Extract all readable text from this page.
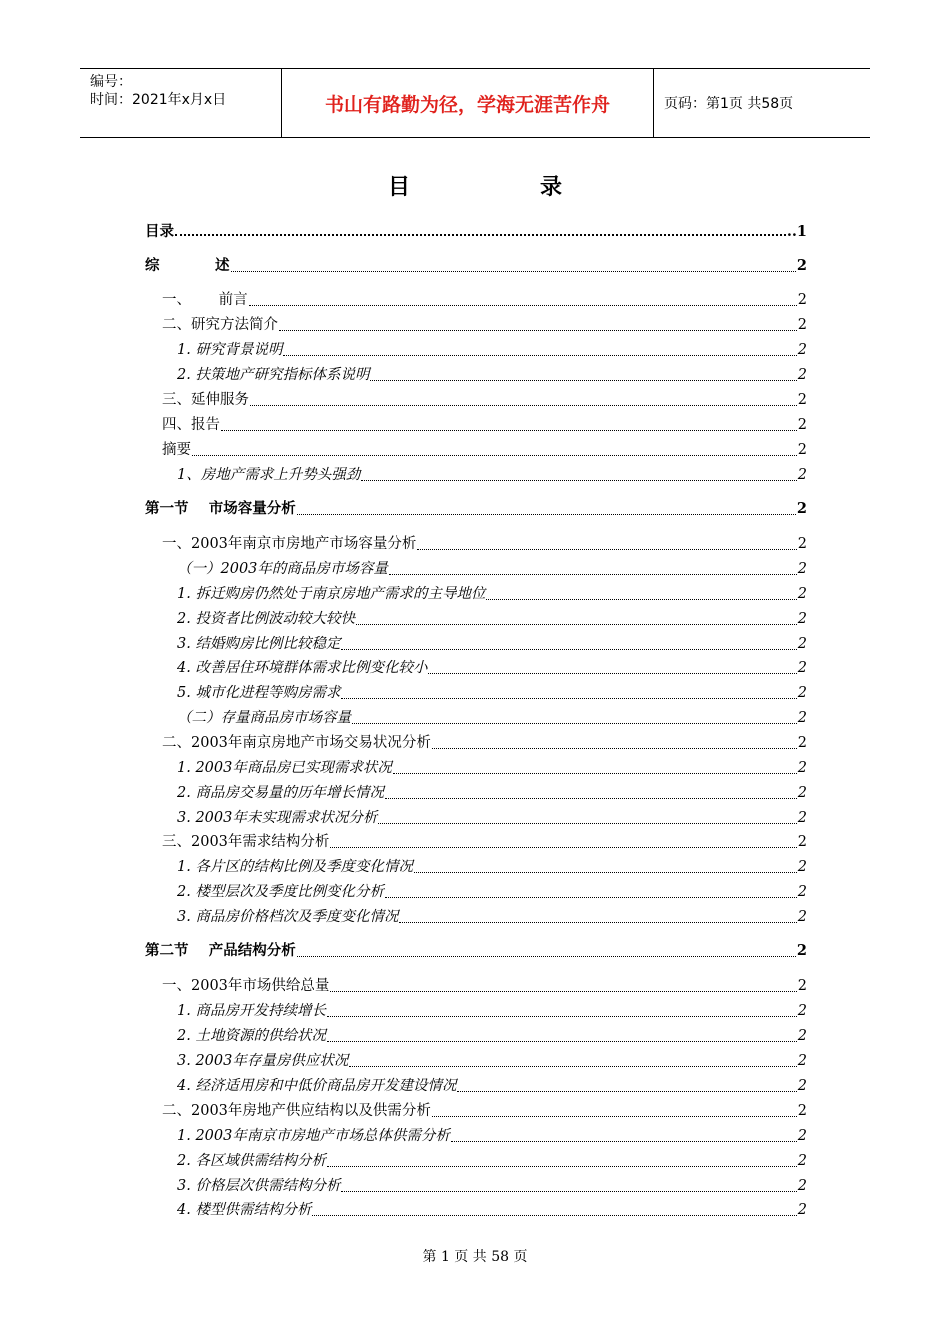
编号：
时间：2021年x月x日	书山有路勤为径，学海无涯苦作舟	页码：第1页 共58页
目	录
目录	..1
综           述	2
一、      前言	2
二、研究方法简介	2
1. 研究背景说明	2
2. 扶策地产研究指标体系说明	2
三、延伸服务	2
四、报告	2
摘要	2
1、房地产需求上升势头强劲	2
第一节    市场容量分析	2
一、2003年南京市房地产市场容量分析	2
（一）2003年的商品房市场容量	2
1. 拆迁购房仍然处于南京房地产需求的主导地位	2
2. 投资者比例波动较大较快	2
3. 结婚购房比例比较稳定	2
4. 改善居住环境群体需求比例变化较小	2
5. 城市化进程等购房需求	2
（二）存量商品房市场容量	2
二、2003年南京房地产市场交易状况分析	2
1. 2003年商品房已实现需求状况	2
2. 商品房交易量的历年增长情况	2
3. 2003年未实现需求状况分析	2
三、2003年需求结构分析	2
1. 各片区的结构比例及季度变化情况	2
2. 楼型层次及季度比例变化分析	2
3. 商品房价格档次及季度变化情况	2
第二节    产品结构分析	2
一、2003年市场供给总量	2
1. 商品房开发持续增长	2
2. 土地资源的供给状况	2
3. 2003年存量房供应状况	2
4. 经济适用房和中低价商品房开发建设情况	2
二、2003年房地产供应结构以及供需分析	2
1. 2003年南京市房地产市场总体供需分析	2
2. 各区域供需结构分析	2
3. 价格层次供需结构分析	2
4. 楼型供需结构分析	2
第 1 页 共 58 页
